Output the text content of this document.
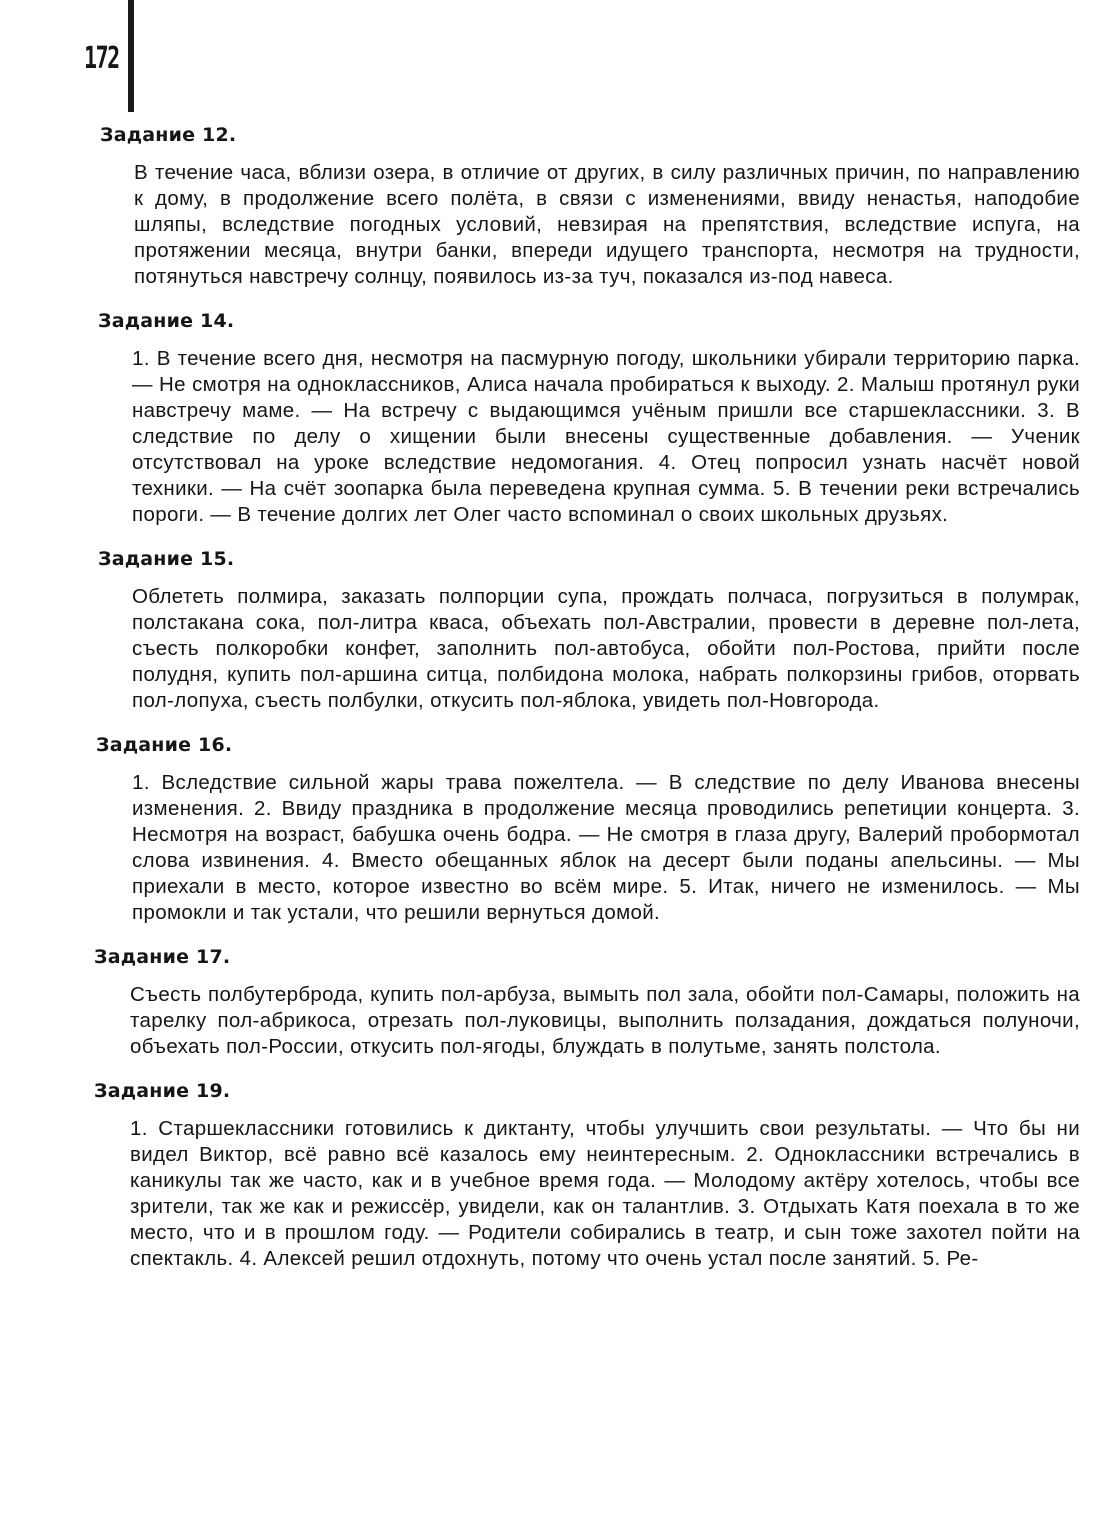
172
Задание 12.

В течение часа, вблизи озера, в отличие от других, в силу различных причин, по направлению к дому, в продолжение всего полёта, в связи с изменениями, ввиду ненастья, наподобие шляпы, вследствие погодных условий, невзирая на препятствия, вследствие испуга, на протяжении месяца, внутри банки, впереди идущего транспорта, несмотря на трудности, потянуться навстречу солнцу, появилось из-за туч, показался из-под навеса.

Задание 14.

1. В течение всего дня, несмотря на пасмурную погоду, школьники убирали территорию парка. — Не смотря на одноклассников, Алиса начала пробираться к выходу. 2. Малыш протянул руки навстречу маме. — На встречу с выдающимся учёным пришли все старшеклассники. 3. В следствие по делу о хищении были внесены существенные добавления. — Ученик отсутствовал на уроке вследствие недомогания. 4. Отец попросил узнать насчёт новой техники. — На счёт зоопарка была переведена крупная сумма. 5. В течении реки встречались пороги. — В течение долгих лет Олег часто вспоминал о своих школьных друзьях.

Задание 15.

Облететь полмира, заказать полпорции супа, прождать полчаса, погрузиться в полумрак, полстакана сока, пол-литра кваса, объехать пол-Австралии, провести в деревне пол-лета, съесть полкоробки конфет, заполнить пол-автобуса, обойти пол-Ростова, прийти после полудня, купить пол-аршина ситца, полбидона молока, набрать полкорзины грибов, оторвать пол-лопуха, съесть полбулки, откусить пол-яблока, увидеть пол-Новгорода.

Задание 16.

1. Вследствие сильной жары трава пожелтела. — В следствие по делу Иванова внесены изменения. 2. Ввиду праздника в продолжение месяца проводились репетиции концерта. 3. Несмотря на возраст, бабушка очень бодра. — Не смотря в глаза другу, Валерий пробормотал слова извинения. 4. Вместо обещанных яблок на десерт были поданы апельсины. — Мы приехали в место, которое известно во всём мире. 5. Итак, ничего не изменилось. — Мы промокли и так устали, что решили вернуться домой.

Задание 17.

Съесть полбутерброда, купить пол-арбуза, вымыть пол зала, обойти пол-Самары, положить на тарелку пол-абрикоса, отрезать пол-луковицы, выполнить ползадания, дождаться полуночи, объехать пол-России, откусить пол-ягоды, блуждать в полутьме, занять полстола.

Задание 19.

1. Старшеклассники готовились к диктанту, чтобы улучшить свои результаты. — Что бы ни видел Виктор, всё равно всё казалось ему неинтересным. 2. Одноклассники встречались в каникулы так же часто, как и в учебное время года. — Молодому актёру хотелось, чтобы все зрители, так же как и режиссёр, увидели, как он талантлив. 3. Отдыхать Катя поехала в то же место, что и в прошлом году. — Родители собирались в театр, и сын тоже захотел пойти на спектакль. 4. Алексей решил отдохнуть, потому что очень устал после занятий. 5. Ре-
